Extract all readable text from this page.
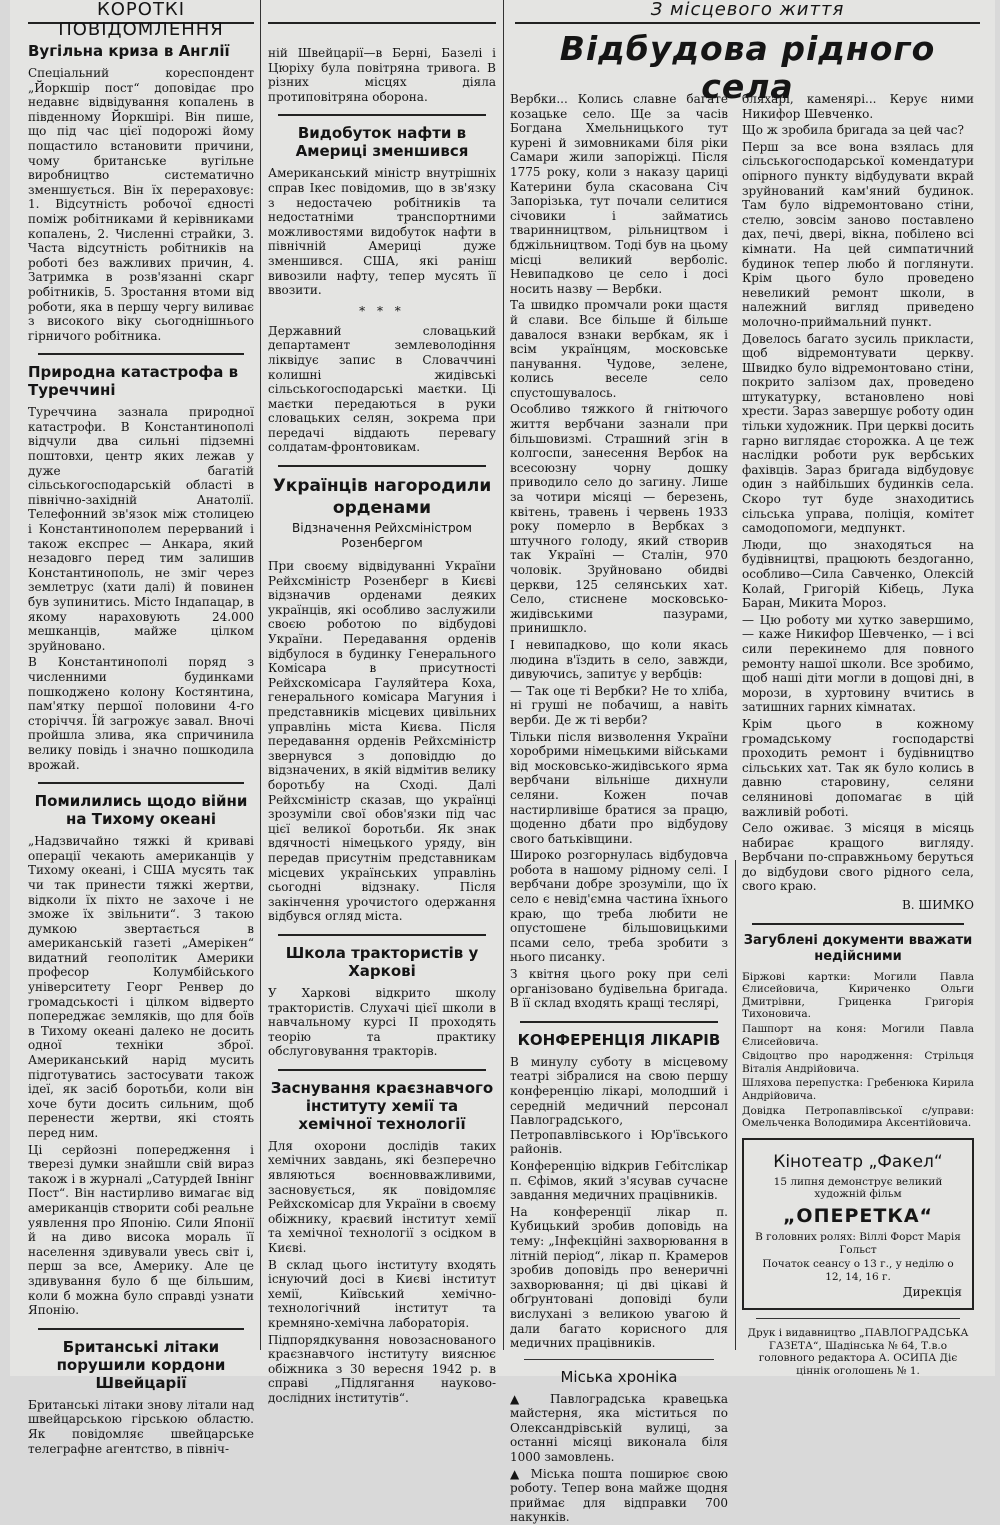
КОРОТКІ ПОВІДОМЛЕННЯ
Вугільна криза в Англії

Спеціальний кореспондент „Йоркшір пост“ доповідає про недавнє відвідування копалень в південному Йоркшірі. Він пише, що під час цієї подорожі йому пощастило встановити причини, чому британське вугільне виробництво систематично зменшується. Він їх перераховує: 1. Відсутність робочої єдності поміж робітниками й керівниками копалень, 2. Численні страйки, 3. Часта відсутність робітників на роботі без важливих причин, 4. Затримка в розв'язанні скарг робітників, 5. Зростання втоми від роботи, яка в першу чергу виливає з високого віку сьогоднішнього гірничого робітника.

Природна катастрофа в Туреччині

Туреччина зазнала природної катастрофи. В Константинополі відчули два сильні підземні поштовхи, центр яких лежав у дуже багатій сільськогосподарській області в північно-західній Анатолії. Телефонний зв'язок між столицею і Константинополем перерваний і також експрес — Анкара, який незадовго перед тим залишив Константинополь, не зміг через землетрус (хати далі) й повинен був зупинитись. Місто Індапацар, в якому нараховують 24.000 мешканців, майже цілком зруйновано.

В Константинополі поряд з численними будинками пошкоджено колону Костянтина, пам'ятку першої половини 4-го сторіччя. Їй загрожує завал. Вночі пройшла злива, яка спричинила велику повідь і значно пошкодила врожай.

Помилились щодо війни на Тихому океані

„Надзвичайно тяжкі й криваві операції чекають американців у Тихому океані, і США мусять так чи так принести тяжкі жертви, відколи їх піхто не захоче і не зможе їх звільнити“. З такою думкою звертається в американській газеті „Амерікен“ видатний геополітик Америки професор Колумбійського університету Георг Ренвер до громадськості і цілком відверто попереджає земляків, що для боїв в Тихому океані далеко не досить одної техніки зброї. Американський нарід мусить підготуватись застосувати також ідеї, як засіб боротьби, коли він хоче бути досить сильним, щоб перенести жертви, які стоять перед ним.

Ці серйозні попередження і тверезі думки знайшли свій вираз також і в журналі „Сатурдей Івнінг Пост“. Він настирливо вимагає від американців створити собі реальне уявлення про Японію. Сили Японії й на диво висока мораль її населення здивували увесь світ і, перш за все, Америку. Але це здивування було б ще більшим, коли б можна було справді узнати Японію.

Британські літаки порушили кордони Швейцарії

Британські літаки знову літали над швейцарською гірською областю. Як повідомляє швейцарське телеграфне агентство, в північ-

ній Швейцарії—в Берні, Базелі і Цюріху була повітряна тривога. В різних місцях діяла протиповітряна оборона.

Видобуток нафти в Америці зменшився

Американський міністр внутрішніх справ Ікес повідомив, що в зв'язку з недостачею робітників та недостатніми транспортними можливостями видобуток нафти в північній Америці дуже зменшився. США, які раніш вивозили нафту, тепер мусять її ввозити.

* * *

Державний словацький департамент землеволодіння ліквідує запис в Словаччині колишні жидівські сільськогосподарські маєтки. Ці маєтки передаються в руки словацьких селян, зокрема при передачі віддають перевагу солдатам-фронтовикам.

Українців нагородили орденами
Відзначення Рейхсміністром Розенбергом

При своєму відвідуванні України Рейхсміністр Розенберг в Києві відзначив орденами деяких українців, які особливо заслужили своєю роботою по відбудові України. Передавання орденів відбулося в будинку Генерального Комісара в присутності Рейхскомісара Гауляйтера Коха, генерального комісара Магуния і представників місцевих цивільних управлінь міста Києва. Після передавання орденів Рейхсміністр звернувся з доповіддю до відзначених, в якій відмітив велику боротьбу на Сході. Далі Рейхсміністр сказав, що українці зрозуміли свої обов'язки під час цієї великої боротьби. Як знак вдячності німецького уряду, він передав присутнім представникам місцевих українських управлінь сьогодні відзнаку. Після закінчення урочистого одержання відбувся огляд міста.

Школа трактористів у Харкові

У Харкові відкрито школу трактористів. Слухачі цієї школи в навчальному курсі ІІ проходять теорію та практику обслуговування тракторів.

Заснування краєзнавчого інституту хемії та хемічної технології

Для охорони дослідів таких хемічних завдань, які безперечно являються воєнновважливими, засновується, як повідомляє Рейхскомісар для України в своєму обіжнику, краєвий інститут хемії та хемічної технології з осідком в Києві.

В склад цього інституту входять існуючий досі в Києві інститут хемії, Київський хемічно-технологічний інститут та кремняно-хемічна лабораторія.

Підпорядкування новозаснованого краєзнавчого інституту вияснює обіжника з 30 вересня 1942 р. в справі „Підлягання науково-дослідних інститутів“.

З місцевого життя
Відбудова рідного села

Вербки... Колись славне багате козацьке село. Ще за часів Богдана Хмельницького тут курені й зимовниками біля ріки Самари жили запоріжці. Після 1775 року, коли з наказу цариці Катерини була скасована Січ Запорізька, тут почали селитися січовики і займатись тваринництвом, рільництвом і бджільництвом. Тоді був на цьому місці великий верболіс. Невипадково це село і досі носить назву — Вербки.

Та швидко промчали роки щастя й слави. Все більше й більше давалося взнаки вербкам, як і всім українцям, московське панування. Чудове, зелене, колись веселе село спустошувалось.

Особливо тяжкого й гнітючого життя вербчани зазнали при більшовизмі. Страшний згін в колгоспи, занесення Вербок на всесоюзну чорну дошку приводило село до загину. Лише за чотири місяці — березень, квітень, травень і червень 1933 року померло в Вербках з штучного голоду, який створив так Україні — Сталін, 970 чоловік. Зруйновано обидві церкви, 125 селянських хат. Село, стиснене московсько-жидівськими пазурами, принишкло.

І невипадково, що коли якась людина в'їздить в село, завжди, дивуючись, запитує у вербців:

— Так оце ті Вербки? Не то хліба, ні груші не побачиш, а навіть верби. Де ж ті верби?

Тільки після визволення України хоробрими німецькими військами від московсько-жидівського ярма вербчани вільніше дихнули селяни. Кожен почав настирливіше братися за працю, щоденно дбати про відбудову свого батьківщини.

Широко розгорнулась відбудовча робота в нашому рідному селі. І вербчани добре зрозуміли, що їх село є невід'ємна частина їхнього краю, що треба любити не опустошене більшовицькими псами село, треба зробити з нього писанку.

З квітня цього року при селі організовано будівельна бригада. В її склад входять кращі теслярі,

КОНФЕРЕНЦІЯ ЛІКАРІВ

В минулу суботу в місцевому театрі зібралися на свою першу конференцію лікарі, молодший і середній медичний персонал Павлоградського, Петропавлівського і Юр'ївського районів.

Конференцію відкрив Гебітслікар п. Єфімов, який з'ясував сучасне завдання медичних працівників.

На конференції лікар п. Кубицький зробив доповідь на тему: „Інфекційні захворювання в літній період“, лікар п. Крамеров зробив доповідь про венеричні захворювання; ці дві цікаві й обґрунтовані доповіді були вислухані з великою увагою й дали багато корисного для медичних працівників.

Міська хроніка

▲ Павлоградська кравецька майстерня, яка міститься по Олександрівській вулиці, за останні місяці виконала біля 1000 замовлень.

▲ Міська пошта поширює свою роботу. Тепер вона майже щодня приймає для відправки 700 накунків.

бляхарі, каменярі... Керує ними Никифор Шевченко.

Що ж зробила бригада за цей час?

Перш за все вона взялась для сільськогосподарської комендатури опірного пункту відбудувати вкрай зруйнований кам'яний будинок. Там було відремонтовано стіни, стелю, зовсім заново поставлено дах, печі, двері, вікна, побілено всі кімнати. На цей симпатичний будинок тепер любо й поглянути. Крім цього було проведено невеликий ремонт школи, в належний вигляд приведено молочно-приймальний пункт.

Довелось багато зусиль прикласти, щоб відремонтувати церкву. Швидко було відремонтовано стіни, покрито залізом дах, проведено штукатурку, встановлено нові хрести. Зараз завершує роботу один тільки художник. При церкві досить гарно виглядає сторожка. А це теж наслідки роботи рук вербських фахівців. Зараз бригада відбудовує один з найбільших будинків села. Скоро тут буде знаходитись сільська управа, поліція, комітет самодопомоги, медпункт.

Люди, що знаходяться на будівництві, працюють бездоганно, особливо—Сила Савченко, Олексій Колай, Григорій Кібець, Лука Баран, Микита Мороз.

— Цю роботу ми хутко завершимо, — каже Никифор Шевченко, — і всі сили перекинемо для повного ремонту нашої школи. Все зробимо, щоб наші діти могли в дощові дні, в морози, в хуртовину вчитись в затишних гарних кімнатах.

Крім цього в кожному громадському господарстві проходить ремонт і будівництво сільських хат. Так як було колись в давню старовину, селяни селянинові допомагає в цій важливій роботі.

Село оживає. З місяця в місяць набирає кращого вигляду. Вербчани по-справжньому беруться до відбудови свого рідного села, свого краю.

В. ШИМКО
Загублені документи вважати недійсними

Біржові картки: Могили Павла Єлисейовича, Кириченко Ольги Дмитрівни, Гриценка Григорія Тихоновича.

Пашпорт на коня: Могили Павла Єлисейовича.

Свідоцтво про народження: Стрільця Віталія Андрійовича.

Шляхова перепустка: Гребенюка Кирила Андрійовича.

Довідка Петропавлівської с/управи: Омельченка Володимира Аксентійовича.

Кінотеатр „Факел“
15 липня демонструє великий художній фільм
„ОПЕРЕТКА“
В головних ролях: Віллі Форст Марія Гольст
Початок сеансу о 13 г., у неділю о 12, 14, 16 г.
Дирекція

Друк і видавництво „ПАВЛОГРАДСЬКА ГАЗЕТА“, Шадінська № 64, Т.в.о головного редактора А. ОСИПА Діє ціннік оголошень № 1.
